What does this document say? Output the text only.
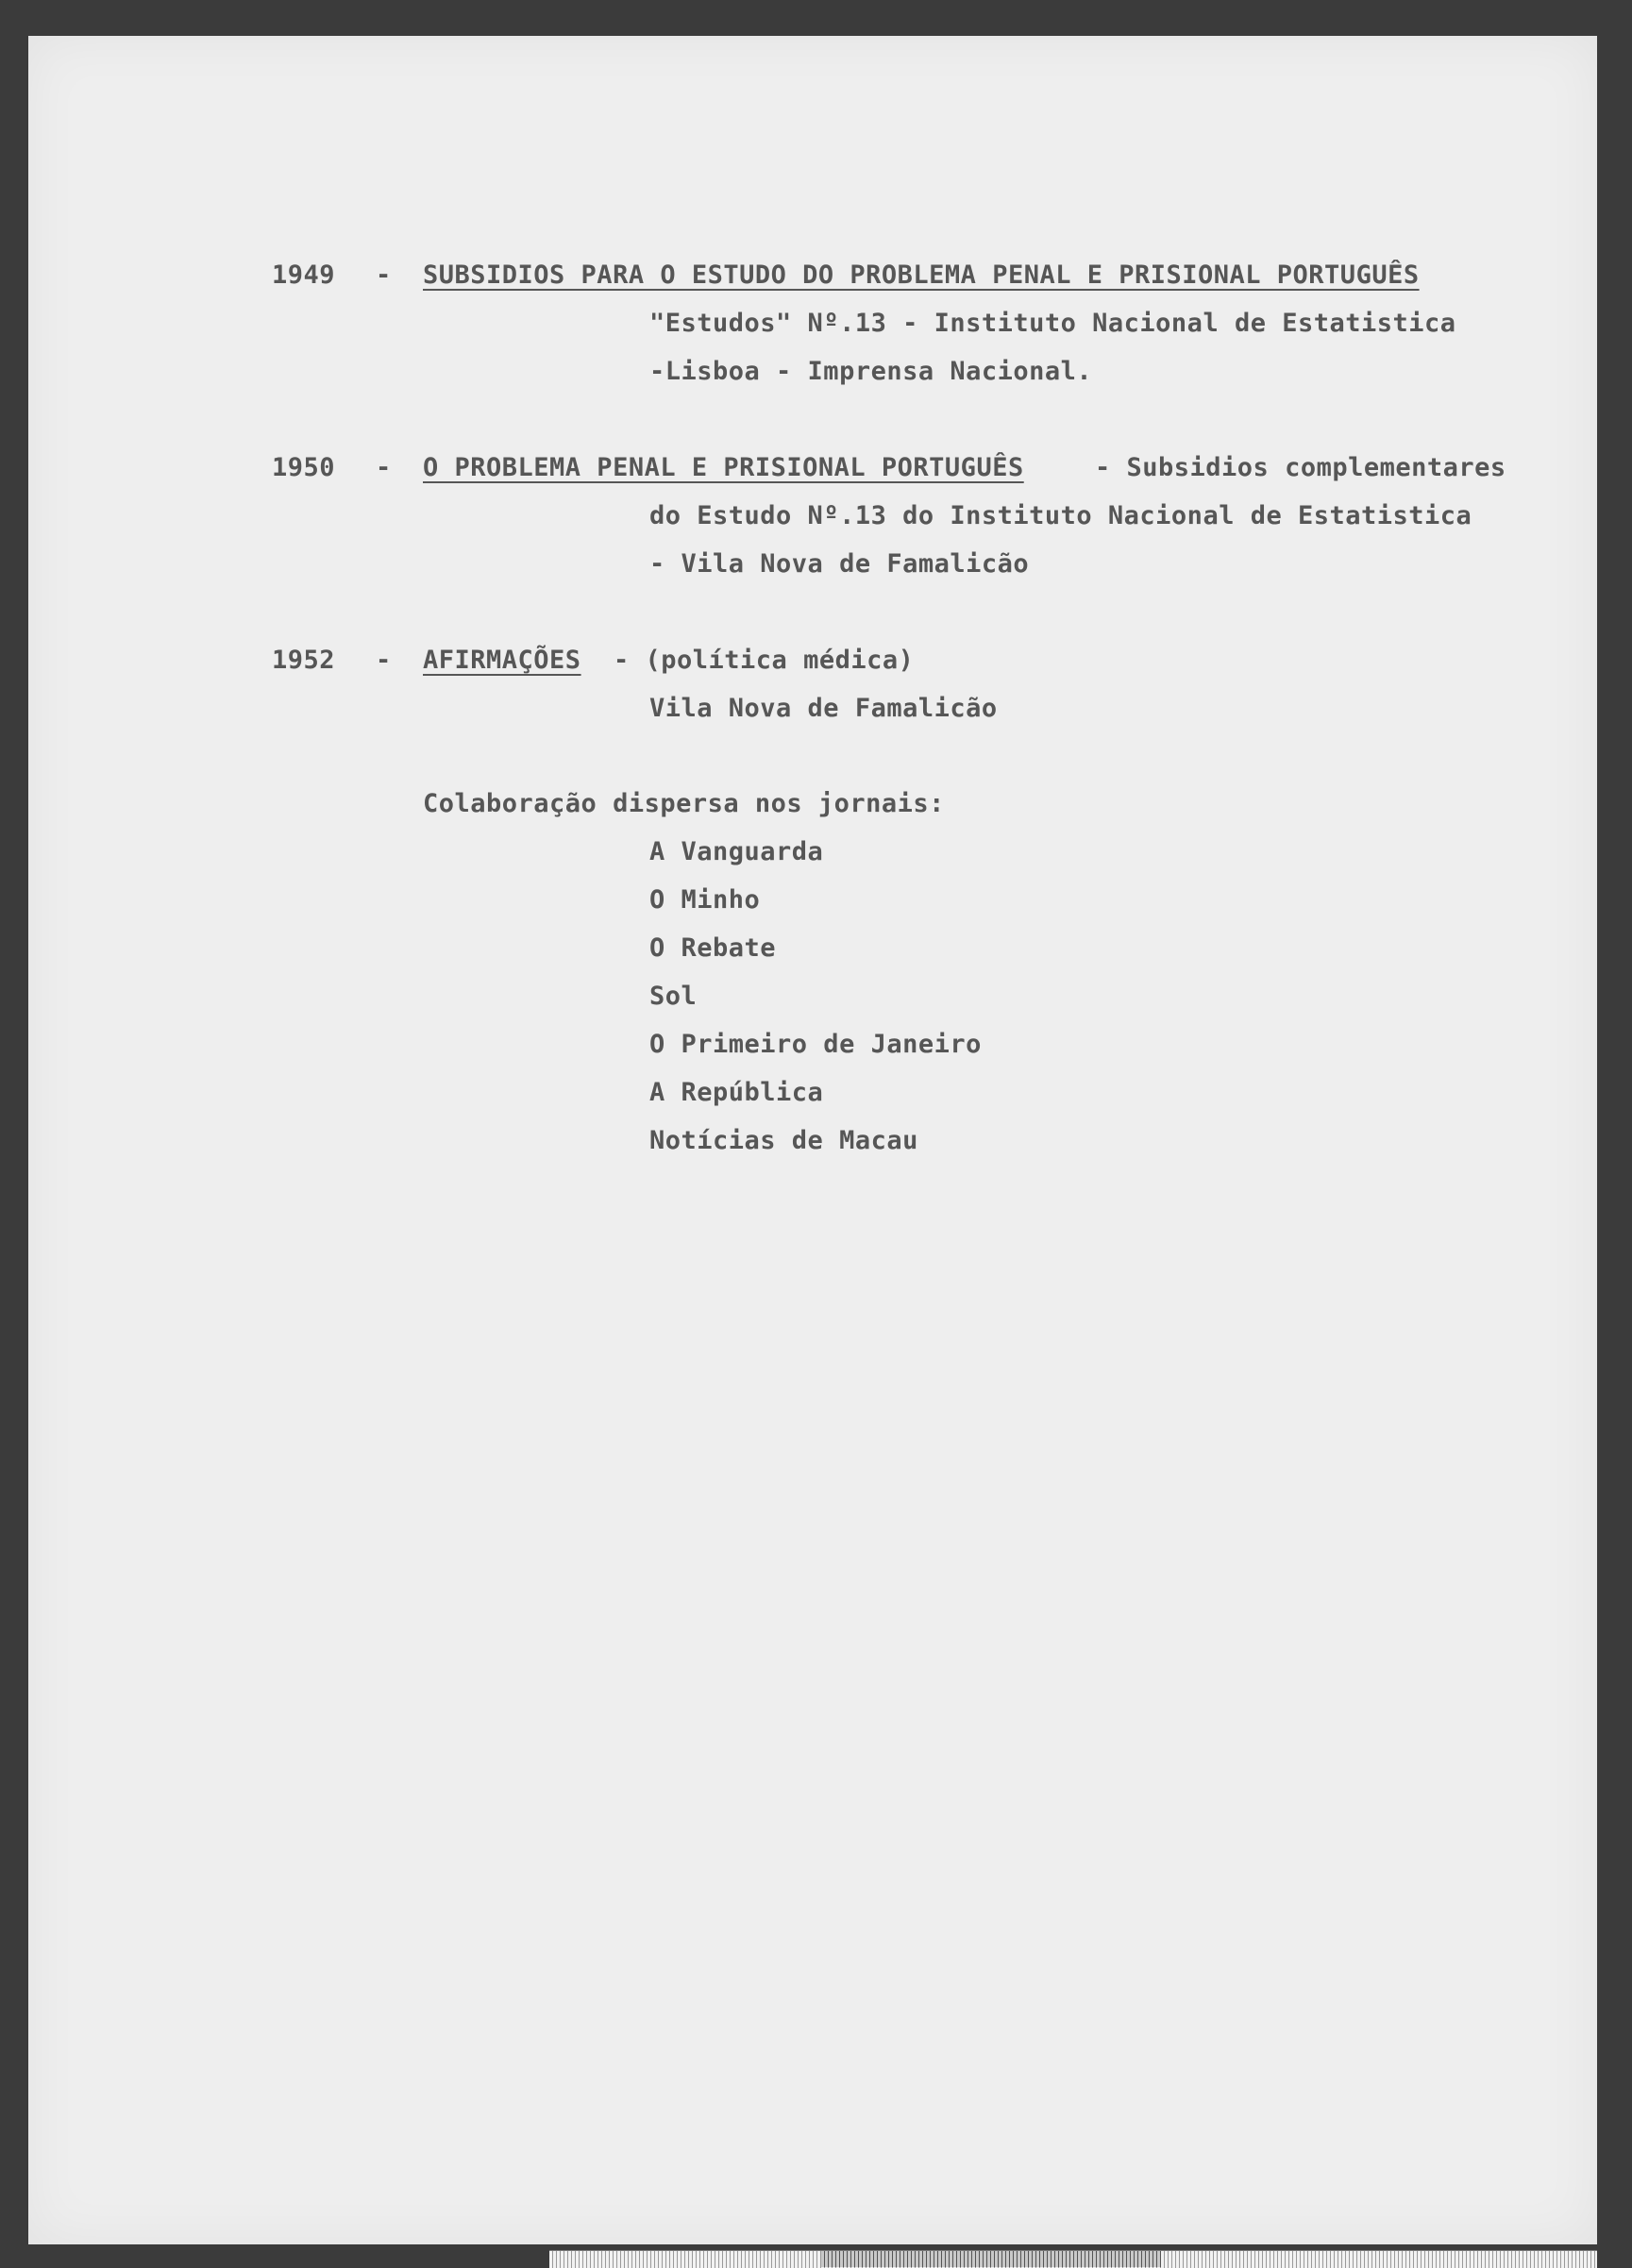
1949 - SUBSIDIOS PARA O ESTUDO DO PROBLEMA PENAL E PRISIONAL PORTUGUÊS
"Estudos" Nº.13 - Instituto Nacional de Estatistica
-Lisboa - Imprensa Nacional.
1950 - O PROBLEMA PENAL E PRISIONAL PORTUGUÊS	- Subsidios complementares
do Estudo Nº.13 do Instituto Nacional de Estatistica
- Vila Nova de Famalicão
1952 - AFIRMAÇÕES - (política médica)
Vila Nova de Famalicão
Colaboração dispersa nos jornais:
A Vanguarda
O Minho
O Rebate
Sol
O Primeiro de Janeiro
A República
Notícias de Macau
